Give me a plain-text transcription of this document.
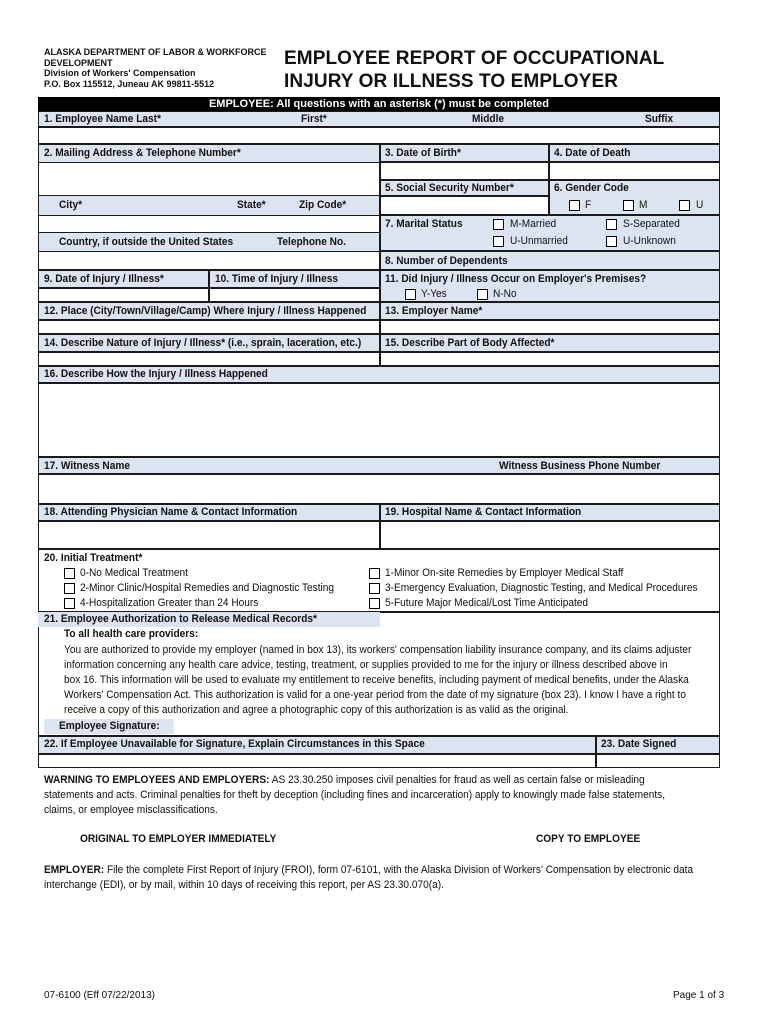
ALASKA DEPARTMENT OF LABOR & WORKFORCE
DEVELOPMENT
Division of Workers' Compensation
P.O. Box 115512, Juneau AK 99811-5512
EMPLOYEE REPORT OF OCCUPATIONAL
INJURY OR ILLNESS TO EMPLOYER
EMPLOYEE: All questions with an asterisk (*) must be completed
1. Employee Name Last*	First*	Middle	Suffix
2. Mailing Address & Telephone Number*
City*	State*	Zip Code*
Country, if outside the United States	Telephone No.
3. Date of Birth*	4. Date of Death
5. Social Security Number*	6. Gender Code
F	M	U
7. Marital Status	M-Married	S-Separated
U-Unmarried	U-Unknown
8. Number of Dependents
9. Date of Injury / Illness*	10. Time of Injury / Illness	11. Did Injury / Illness Occur on Employer's Premises?
Y-Yes	N-No
12. Place (City/Town/Village/Camp) Where Injury / Illness Happened 13. Employer Name*
14. Describe Nature of Injury / Illness* (i.e., sprain, laceration, etc.) 15. Describe Part of Body Affected*
16. Describe How the Injury / Illness Happened
17. Witness Name	Witness Business Phone Number
18. Attending Physician Name & Contact Information	19. Hospital Name & Contact Information
20. Initial Treatment*
0-No Medical Treatment
2-Minor Clinic/Hospital Remedies and Diagnostic Testing
4-Hospitalization Greater than 24 Hours
1-Minor On-site Remedies by Employer Medical Staff
3-Emergency Evaluation, Diagnostic Testing, and Medical Procedures
5-Future Major Medical/Lost Time Anticipated
21. Employee Authorization to Release Medical Records*
To all health care providers:
You are authorized to provide my employer (named in box 13), its workers' compensation liability insurance company, and its claims adjuster
information concerning any health care advice, testing, treatment, or supplies provided to me for the injury or illness described above in
box 16. This information will be used to evaluate my entitlement to receive benefits, including payment of medical benefits, under the Alaska
Workers' Compensation Act. This authorization is valid for a one-year period from the date of my signature (box 23). I know I have a right to
receive a copy of this authorization and agree a photographic copy of this authorization is as valid as the original.
Employee Signature:
22. If Employee Unavailable for Signature, Explain Circumstances in this Space	23. Date Signed
WARNING TO EMPLOYEES AND EMPLOYERS: AS 23.30.250 imposes civil penalties for fraud as well as certain false or misleading
statements and acts. Criminal penalties for theft by deception (including fines and incarceration) apply to knowingly made false statements,
claims, or employee misclassifications.
ORIGINAL TO EMPLOYER IMMEDIATELY	COPY TO EMPLOYEE
EMPLOYER: File the complete First Report of Injury (FROI), form 07-6101, with the Alaska Division of Workers' Compensation by electronic data
interchange (EDI), or by mail, within 10 days of receiving this report, per AS 23.30.070(a).
07-6100 (Eff 07/22/2013)	Page 1 of 3
